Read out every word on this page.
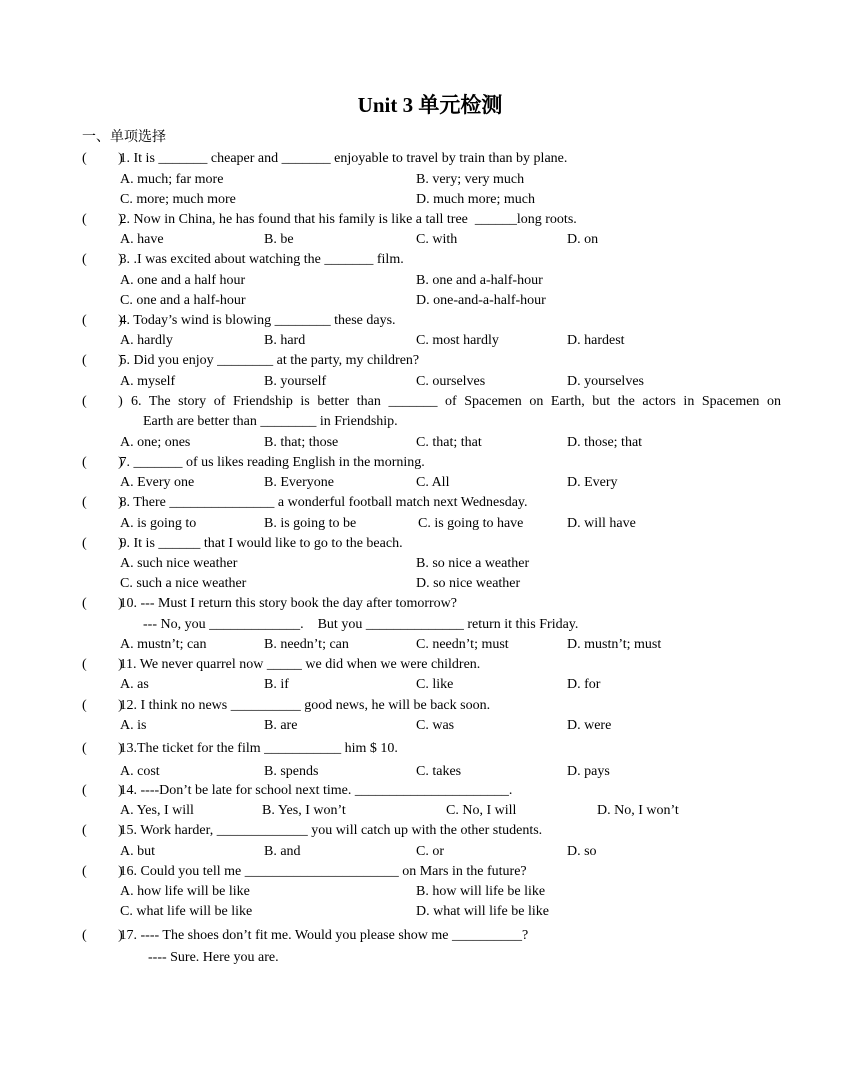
Unit 3 单元检测
一、单项选择
(         )
1. It is _______ cheaper and _______ enjoyable to travel by train than by plane.
A. much; far more	B. very; very much
C. more; much more	D. much more; much
(         )
2. Now in China, he has found that his family is like a tall tree  ______long roots.
A. have	B. be	C. with	D. on
(         )
3. .I was excited about watching the _______ film.
A. one and a half hour	B. one and a-half-hour
C. one and a half-hour	D. one-and-a-half-hour
(         )
4. Today’s wind is blowing ________ these days.
A. hardly	B. hard	C. most hardly	D. hardest
(         )
5. Did you enjoy ________ at the party, my children?
A. myself	B. yourself	C. ourselves	D. yourselves
(         ) 6. The story of Friendship is better than _______ of Spacemen on Earth, but the actors in Spacemen on
Earth are better than ________ in Friendship.
A. one; ones	B. that; those	C. that; that	D. those; that
(         )
7. _______ of us likes reading English in the morning.
A. Every one	B. Everyone	C. All	D. Every
(         )
8. There _______________ a wonderful football match next Wednesday.
A. is going to	B. is going to be	C. is going to have	D. will have
(         )
9. It is ______ that I would like to go to the beach.
A. such nice weather	B. so nice a weather
C. such a nice weather	D. so nice weather
(         )
10. --- Must I return this story book the day after tomorrow?
--- No, you _____________.    But you ______________ return it this Friday.
A. mustn’t; can	B. needn’t; can	C. needn’t; must	D. mustn’t; must
(         )
11. We never quarrel now _____ we did when we were children.
A. as	B. if	C. like	D. for
(         )
12. I think no news __________ good news, he will be back soon.
A. is	B. are	C. was	D. were
(         )
13.The ticket for the film ___________ him $ 10.
A. cost	B. spends	C. takes	D. pays
(         )
14. ----Don’t be late for school next time. ______________________.
A. Yes, I will	B. Yes, I won’t	C. No, I will	D. No, I won’t
(         )
15. Work harder, _____________ you will catch up with the other students.
A. but	B. and	C. or	D. so
(         )
16. Could you tell me ______________________ on Mars in the future?
A. how life will be like	B. how will life be like
C. what life will be like	D. what will life be like
(         )
17. ---- The shoes don’t fit me. Would you please show me __________?
---- Sure. Here you are.
